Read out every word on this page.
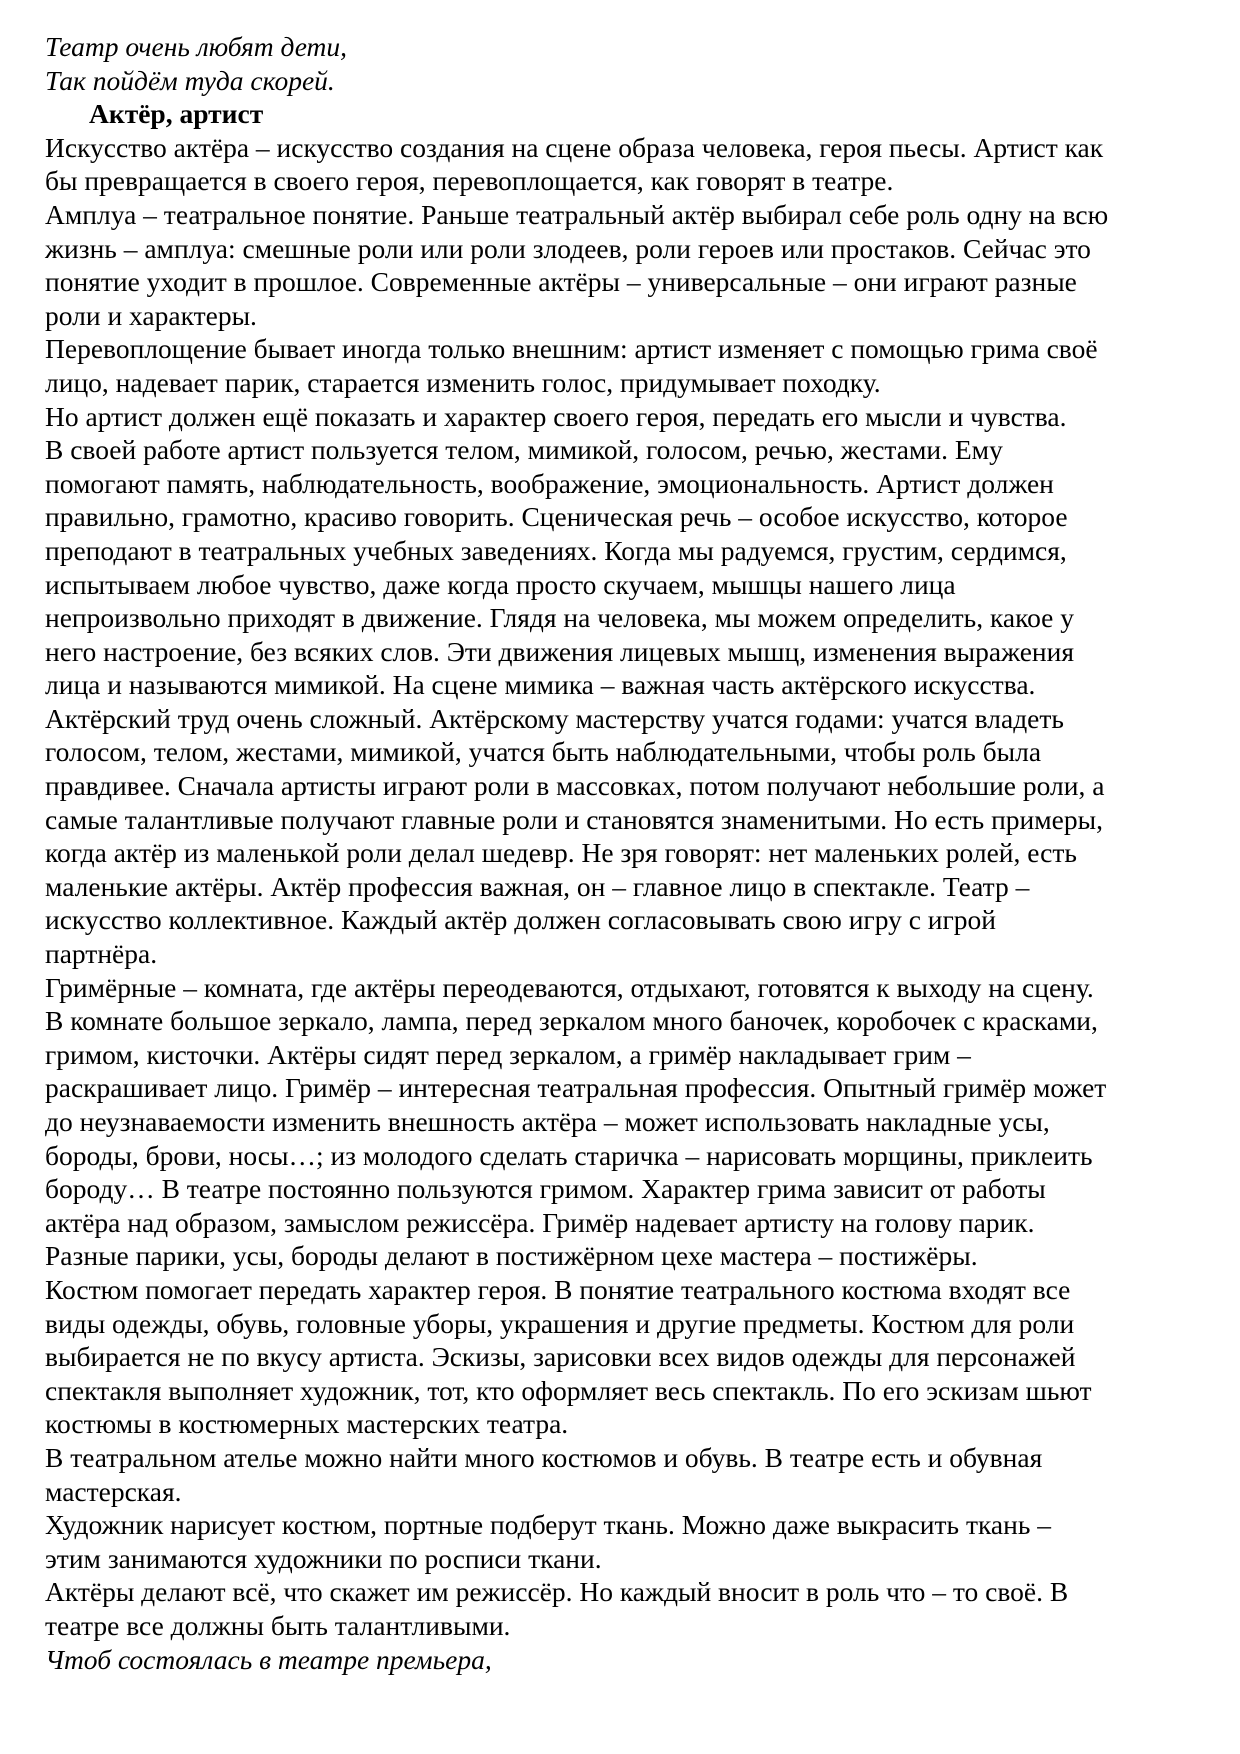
Театр очень любят дети,
Так пойдём туда скорей.
Актёр, артист
Искусство актёра – искусство создания на сцене образа человека, героя пьесы. Артист как
бы превращается в своего героя, перевоплощается, как говорят в театре.
Амплуа – театральное понятие. Раньше театральный актёр выбирал себе роль одну на всю
жизнь – амплуа: смешные роли или роли злодеев, роли героев или простаков. Сейчас это
понятие уходит в прошлое. Современные актёры – универсальные – они играют разные
роли и характеры.
Перевоплощение бывает иногда только внешним: артист изменяет с помощью грима своё
лицо, надевает парик, старается изменить голос, придумывает походку.
Но артист должен ещё показать и характер своего героя, передать его мысли и чувства.
В своей работе артист пользуется телом, мимикой, голосом, речью, жестами. Ему
помогают память, наблюдательность, воображение, эмоциональность. Артист должен
правильно, грамотно, красиво говорить. Сценическая речь – особое искусство, которое
преподают в театральных учебных заведениях. Когда мы радуемся, грустим, сердимся,
испытываем любое чувство, даже когда просто скучаем, мышцы нашего лица
непроизвольно приходят в движение. Глядя на человека, мы можем определить, какое у
него настроение, без всяких слов. Эти движения лицевых мышц, изменения выражения
лица и называются мимикой. На сцене мимика – важная часть актёрского искусства.
Актёрский труд очень сложный. Актёрскому мастерству учатся годами: учатся владеть
голосом, телом, жестами, мимикой, учатся быть наблюдательными, чтобы роль была
правдивее. Сначала артисты играют роли в массовках, потом получают небольшие роли, а
самые талантливые получают главные роли и становятся знаменитыми. Но есть примеры,
когда актёр из маленькой роли делал шедевр. Не зря говорят: нет маленьких ролей, есть
маленькие актёры. Актёр профессия важная, он – главное лицо в спектакле. Театр –
искусство коллективное. Каждый актёр должен согласовывать свою игру с игрой
партнёра.
Гримёрные – комната, где актёры переодеваются, отдыхают, готовятся к выходу на сцену.
В комнате большое зеркало, лампа, перед зеркалом много баночек, коробочек с красками,
гримом, кисточки. Актёры сидят перед зеркалом, а гримёр накладывает грим –
раскрашивает лицо. Гримёр – интересная театральная профессия. Опытный гримёр может
до неузнаваемости изменить внешность актёра – может использовать накладные усы,
бороды, брови, носы…; из молодого сделать старичка – нарисовать морщины, приклеить
бороду… В театре постоянно пользуются гримом. Характер грима зависит от работы
актёра над образом, замыслом режиссёра. Гримёр надевает артисту на голову парик.
Разные парики, усы, бороды делают в постижёрном цехе мастера – постижёры.
Костюм помогает передать характер героя. В понятие театрального костюма входят все
виды одежды, обувь, головные уборы, украшения и другие предметы. Костюм для роли
выбирается не по вкусу артиста. Эскизы, зарисовки всех видов одежды для персонажей
спектакля выполняет художник, тот, кто оформляет весь спектакль. По его эскизам шьют
костюмы в костюмерных мастерских театра.
В театральном ателье можно найти много костюмов и обувь. В театре есть и обувная
мастерская.
Художник нарисует костюм, портные подберут ткань. Можно даже выкрасить ткань –
этим занимаются художники по росписи ткани.
Актёры делают всё, что скажет им режиссёр. Но каждый вносит в роль что – то своё. В
театре все должны быть талантливыми.
Чтоб состоялась в театре премьера,
